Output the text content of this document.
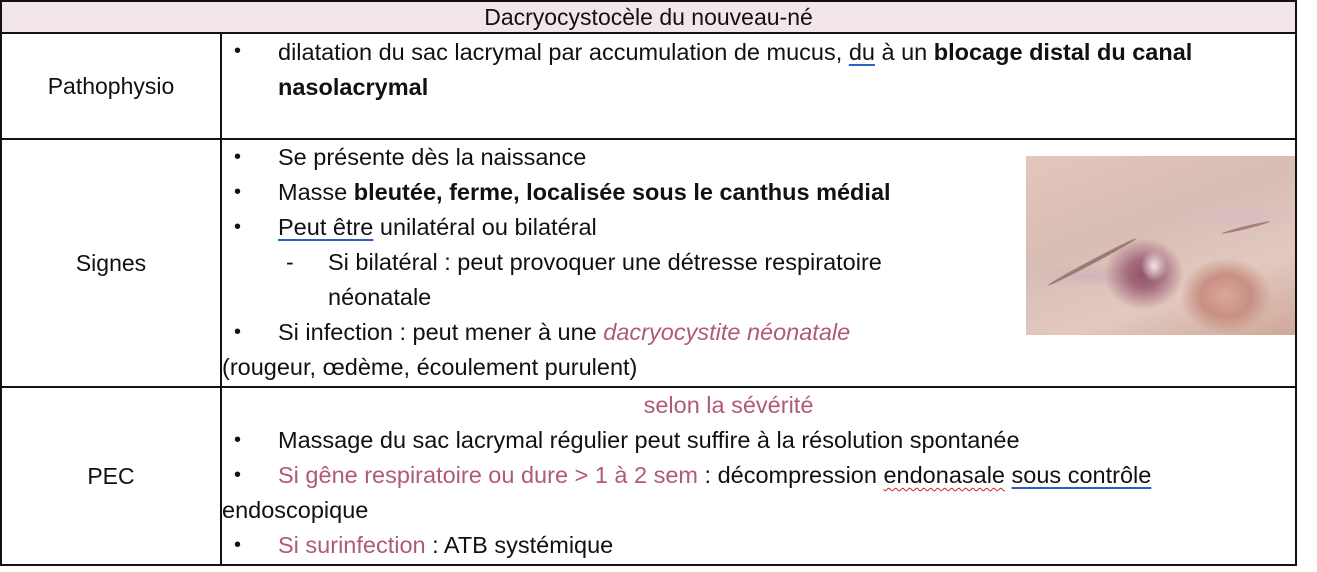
Dacryocystocèle du nouveau-né	
Pathophysio	
• dilatation du sac lacrymal par accumulation de mucus, du à un blocage distal du canal nasolacrymal

Signes	
• Se présente dès la naissance
• Masse bleutée, ferme, localisée sous le canthus médial
• Peut être unilatéral ou bilatéral
- Si bilatéral : peut provoquer une détresse respiratoire néonatale
• Si infection : peut mener à une dacryocystite néonatale (rougeur, œdème, écoulement purulent)

PEC	
selon la sévérité
• Massage du sac lacrymal régulier peut suffire à la résolution spontanée
• Si gêne respiratoire ou dure > 1 à 2 sem : décompression endonasale sous contrôle endoscopique
• Si surinfection : ATB systémique
